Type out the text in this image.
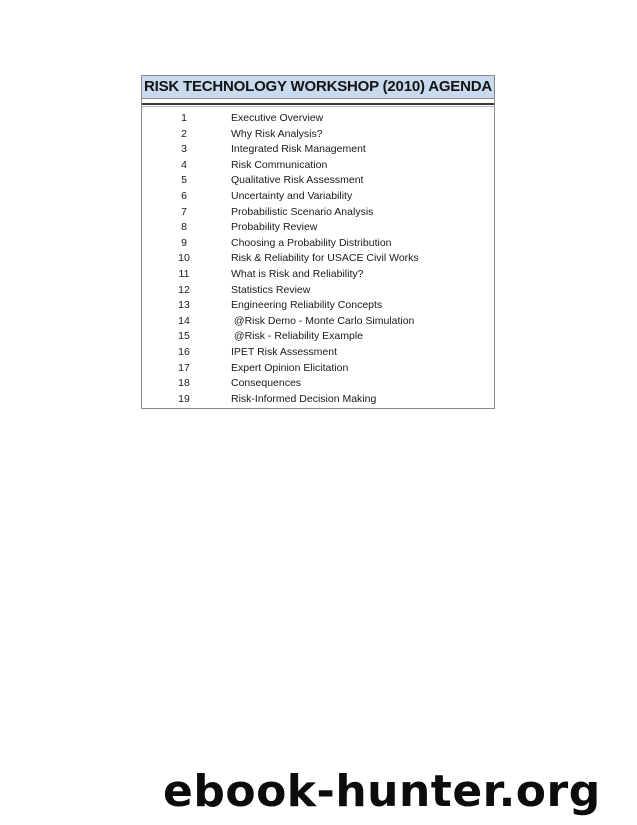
RISK TECHNOLOGY WORKSHOP (2010) AGENDA
1	Executive Overview
2	Why Risk Analysis?
3	Integrated Risk Management
4	Risk Communication
5	Qualitative Risk Assessment
6	Uncertainty and Variability
7	Probabilistic Scenario Analysis
8	Probability Review
9	Choosing a Probability Distribution
10	Risk & Reliability for USACE Civil Works
11	What is Risk and Reliability?
12	Statistics Review
13	Engineering Reliability Concepts
14	@Risk Demo - Monte Carlo Simulation
15	@Risk - Reliability Example
16	IPET Risk Assessment
17	Expert Opinion Elicitation
18	Consequences
19	Risk-Informed Decision Making
ebook-hunter.org
